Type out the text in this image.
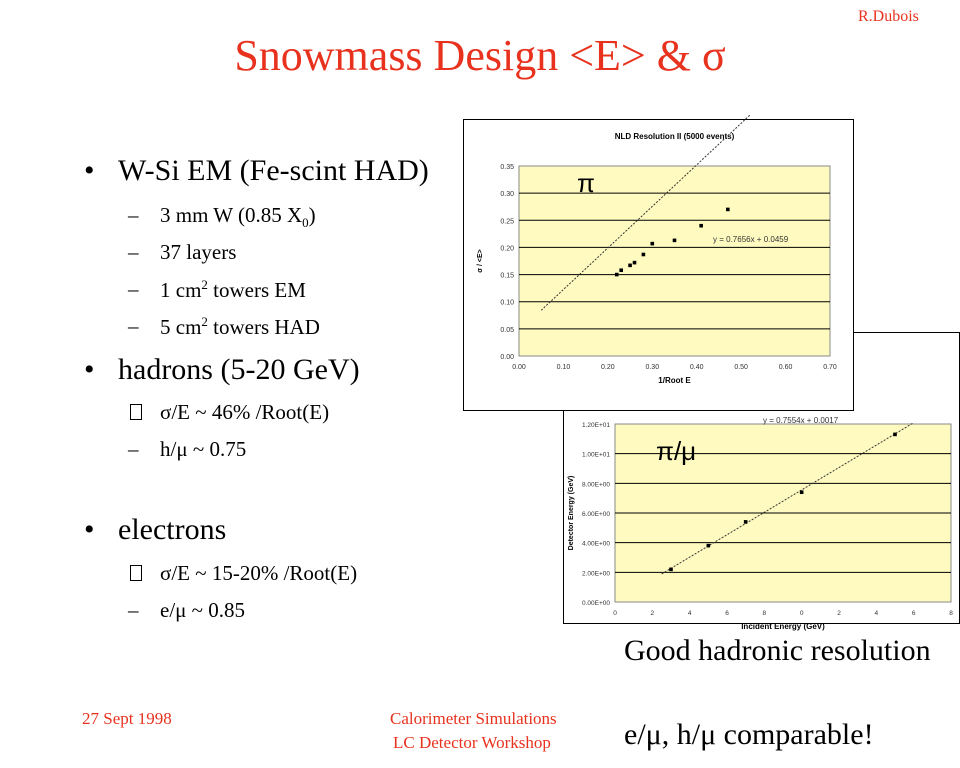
R.Dubois
Snowmass Design <E> & σ
• W-Si EM (Fe-scint HAD)
– 3 mm W (0.85 $X_0$)
– 37 layers
– 1 $cm^2$ towers EM
– 5 $cm^2$ towers HAD
• hadrons (5-20 GeV)
σ/E ~ 46% /Root(E)
– h/μ ~ 0.75
• electrons
σ/E ~ 15-20% /Root(E)
– e/μ ~ 0.85	0.00E+00
2.00E+00
4.00E+00
6.00E+00
8.00E+00
1.00E+01
1.20E+01
0	2	4	6	8	0	2	4	6	8
Incident Energy (GeV)
Detector Energy (GeV)
y = 0.7554x + 0.0017
π/μ
0.00
0.05
0.10
0.15
0.20
0.25
0.30
0.35
0.00	0.10	0.20	0.30	0.40	0.50	0.60	0.70
NLD Resolution II (5000 events)
1/Root E
σ / <E>
y = 0.7656x + 0.0459
π
Good hadronic resolution
e/μ, h/μ comparable!
27 Sept 1998	Calorimeter Simulations
LC Detector Workshop
